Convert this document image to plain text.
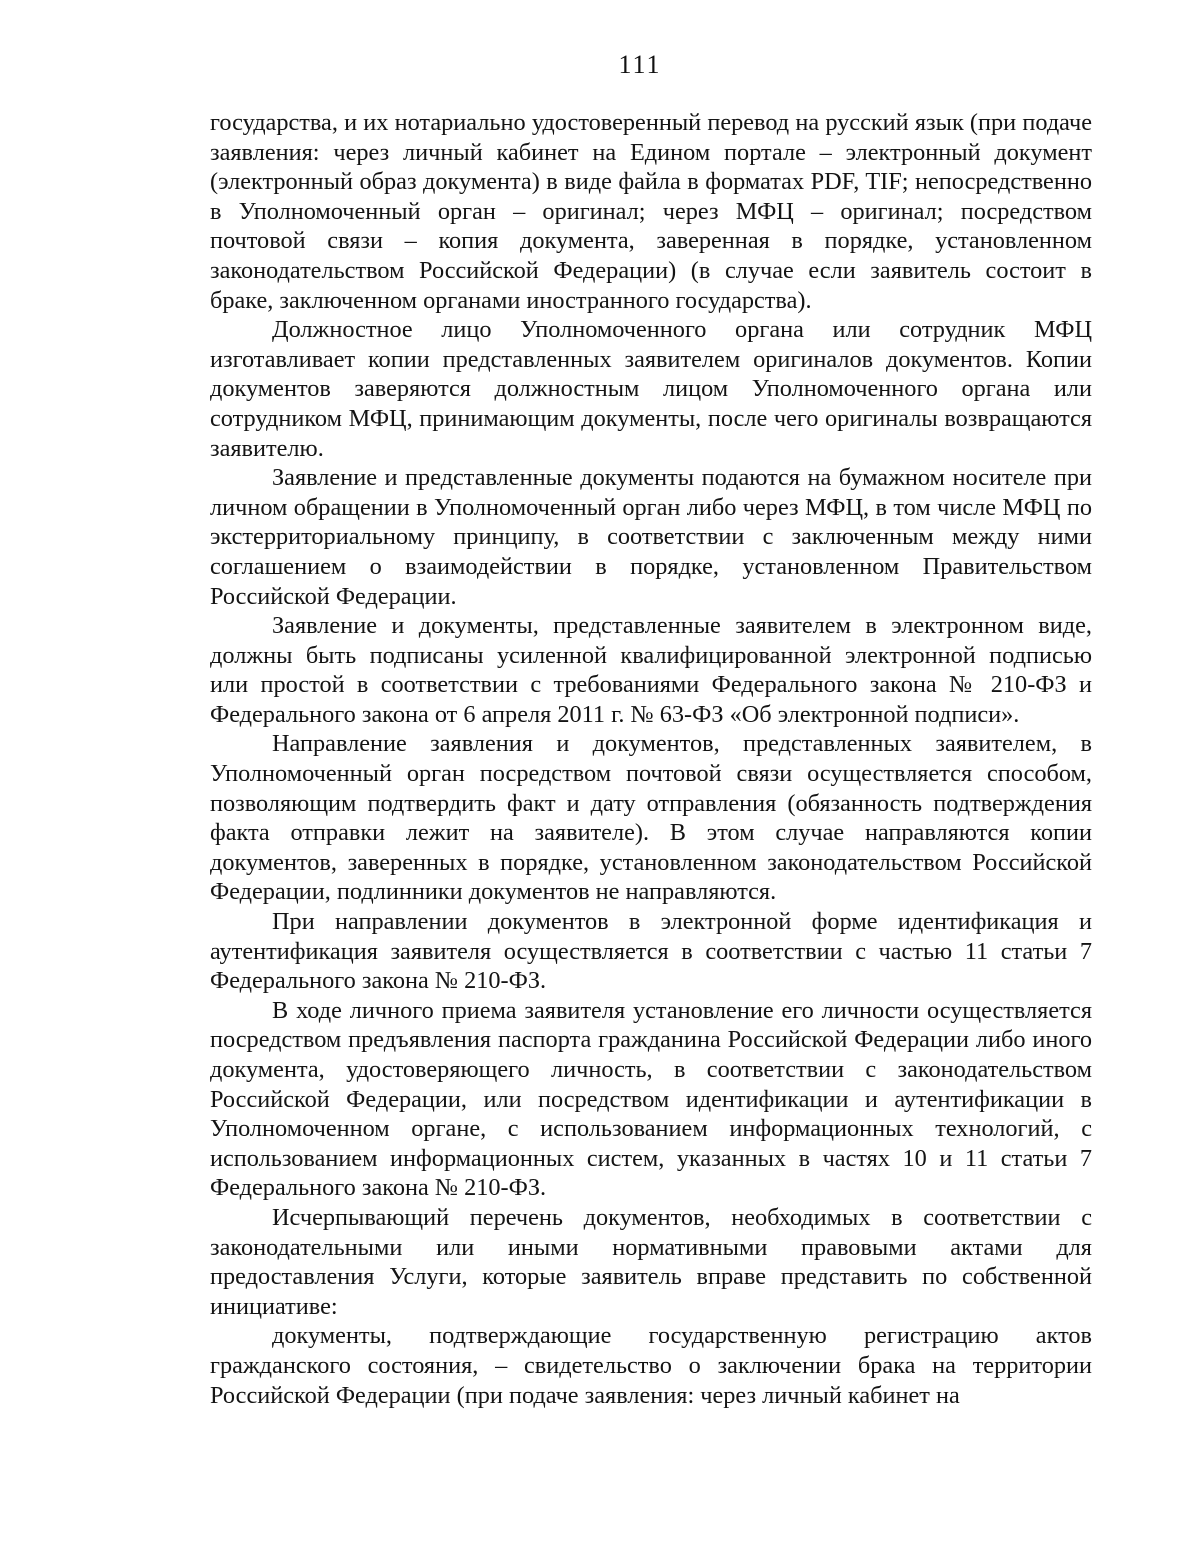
111

государства, и их нотариально удостоверенный перевод на русский язык (при подаче заявления: через личный кабинет на Едином портале – электронный документ (электронный образ документа) в виде файла в форматах PDF, TIF; непосредственно в Уполномоченный орган – оригинал; через МФЦ – оригинал; посредством почтовой связи – копия документа, заверенная в порядке, установленном законодательством Российской Федерации) (в случае если заявитель состоит в браке, заключенном органами иностранного государства).

Должностное лицо Уполномоченного органа или сотрудник МФЦ изготавливает копии представленных заявителем оригиналов документов. Копии документов заверяются должностным лицом Уполномоченного органа или сотрудником МФЦ, принимающим документы, после чего оригиналы возвращаются заявителю.

Заявление и представленные документы подаются на бумажном носителе при личном обращении в Уполномоченный орган либо через МФЦ, в том числе МФЦ по экстерриториальному принципу, в соответствии с заключенным между ними соглашением о взаимодействии в порядке, установленном Правительством Российской Федерации.

Заявление и документы, представленные заявителем в электронном виде, должны быть подписаны усиленной квалифицированной электронной подписью или простой в соответствии с требованиями Федерального закона № 210-ФЗ и Федерального закона от 6 апреля 2011 г. № 63-ФЗ «Об электронной подписи».

Направление заявления и документов, представленных заявителем, в Уполномоченный орган посредством почтовой связи осуществляется способом, позволяющим подтвердить факт и дату отправления (обязанность подтверждения факта отправки лежит на заявителе). В этом случае направляются копии документов, заверенных в порядке, установленном законодательством Российской Федерации, подлинники документов не направляются.

При направлении документов в электронной форме идентификация и аутентификация заявителя осуществляется в соответствии с частью 11 статьи 7 Федерального закона № 210-ФЗ.

В ходе личного приема заявителя установление его личности осуществляется посредством предъявления паспорта гражданина Российской Федерации либо иного документа, удостоверяющего личность, в соответствии с законодательством Российской Федерации, или посредством идентификации и аутентификации в Уполномоченном органе, с использованием информационных технологий, с использованием информационных систем, указанных в частях 10 и 11 статьи 7 Федерального закона № 210-ФЗ.

Исчерпывающий перечень документов, необходимых в соответствии с законодательными или иными нормативными правовыми актами для предоставления Услуги, которые заявитель вправе представить по собственной инициативе:

документы, подтверждающие государственную регистрацию актов гражданского состояния, – свидетельство о заключении брака на территории Российской Федерации (при подаче заявления: через личный кабинет на
